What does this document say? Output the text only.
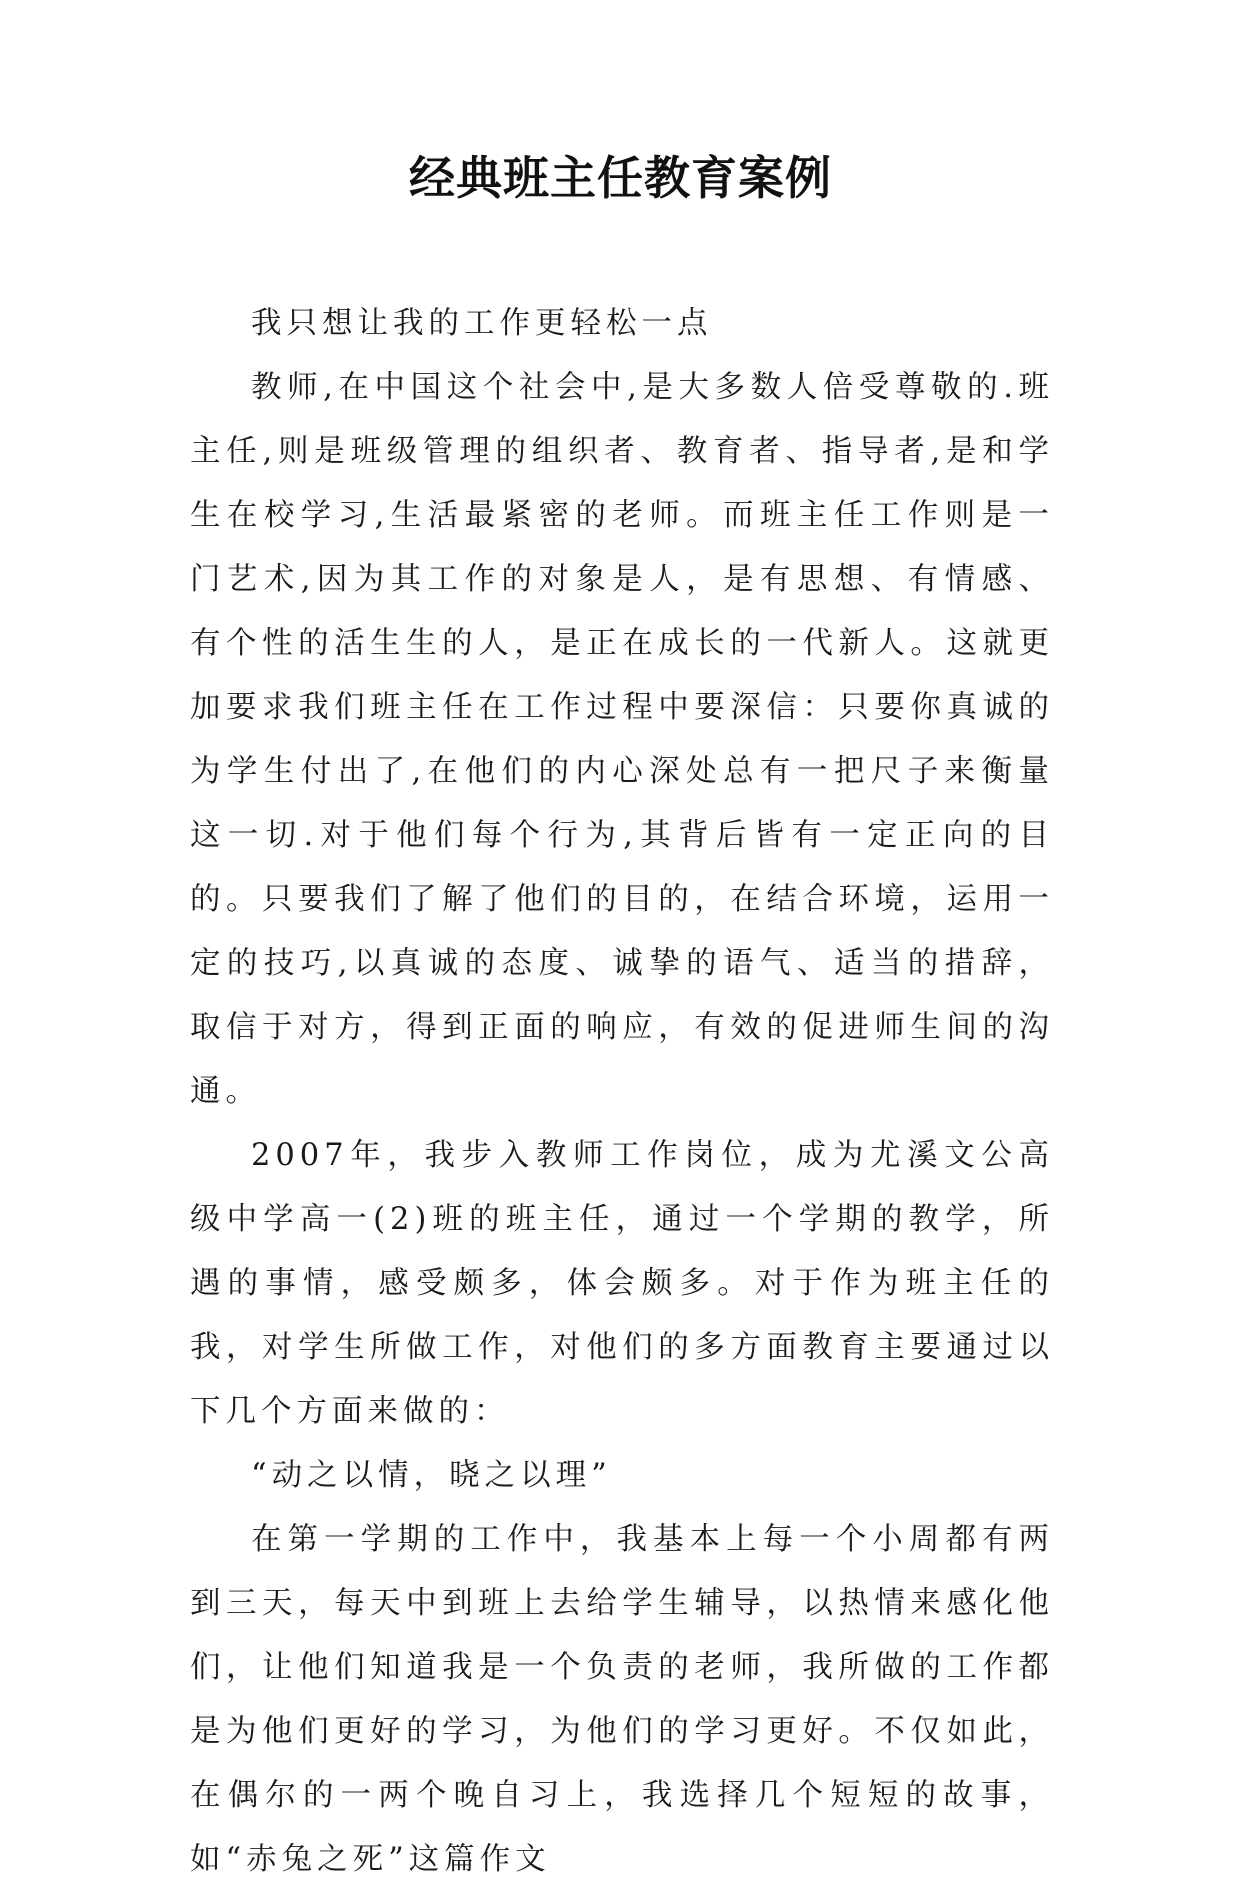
经典班主任教育案例

我只想让我的工作更轻松一点

教师,在中国这个社会中,是大多数人倍受尊敬的.班主任,则是班级管理的组织者、教育者、指导者,是和学生在校学习,生活最紧密的老师。而班主任工作则是一门艺术,因为其工作的对象是人，是有思想、有情感、有个性的活生生的人，是正在成长的一代新人。这就更加要求我们班主任在工作过程中要深信：只要你真诚的为学生付出了,在他们的内心深处总有一把尺子来衡量这一切.对于他们每个行为,其背后皆有一定正向的目的。只要我们了解了他们的目的，在结合环境，运用一定的技巧,以真诚的态度、诚挚的语气、适当的措辞，取信于对方，得到正面的响应，有效的促进师生间的沟通。

2007年，我步入教师工作岗位，成为尤溪文公高级中学高一(2)班的班主任，通过一个学期的教学，所遇的事情，感受颇多，体会颇多。对于作为班主任的我，对学生所做工作，对他们的多方面教育主要通过以下几个方面来做的：

“动之以情，晓之以理”

在第一学期的工作中，我基本上每一个小周都有两到三天，每天中到班上去给学生辅导，以热情来感化他们，让他们知道我是一个负责的老师，我所做的工作都是为他们更好的学习，为他们的学习更好。不仅如此，在偶尔的一两个晚自习上，我选择几个短短的故事，如“赤兔之死”这篇作文
